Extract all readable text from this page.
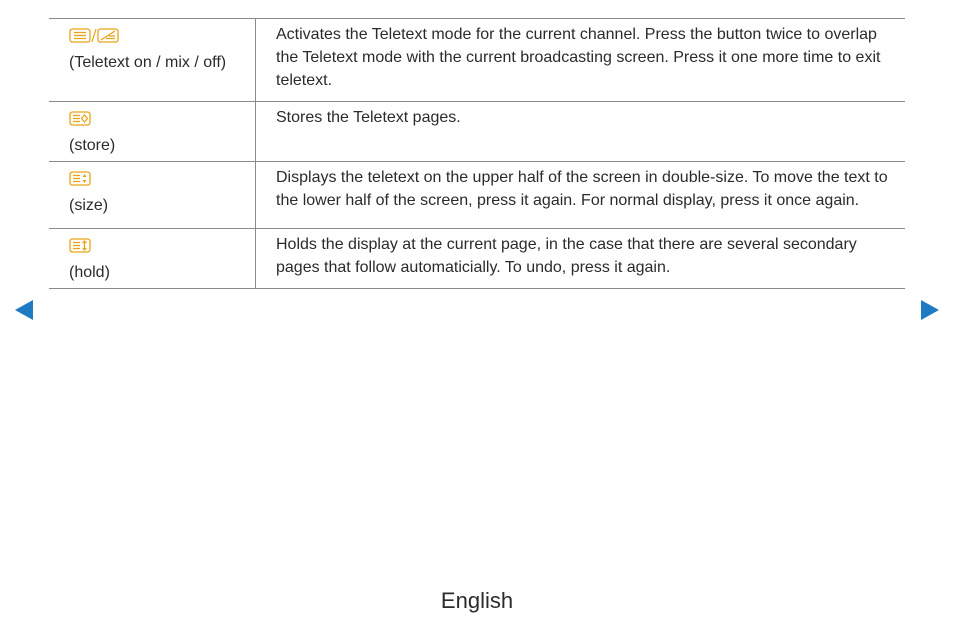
(Teletext on / mix / off)	Activates the Teletext mode for the current channel. Press the button twice to overlap the Teletext mode with the current broadcasting screen. Press it one more time to exit teletext.

(store)	Stores the Teletext pages.

(size)	Displays the teletext on the upper half of the screen in double-size. To move the text to the lower half of the screen, press it again. For normal display, press it once again.

(hold)	Holds the display at the current page, in the case that there are several secondary pages that follow automaticially. To undo, press it again.
English
